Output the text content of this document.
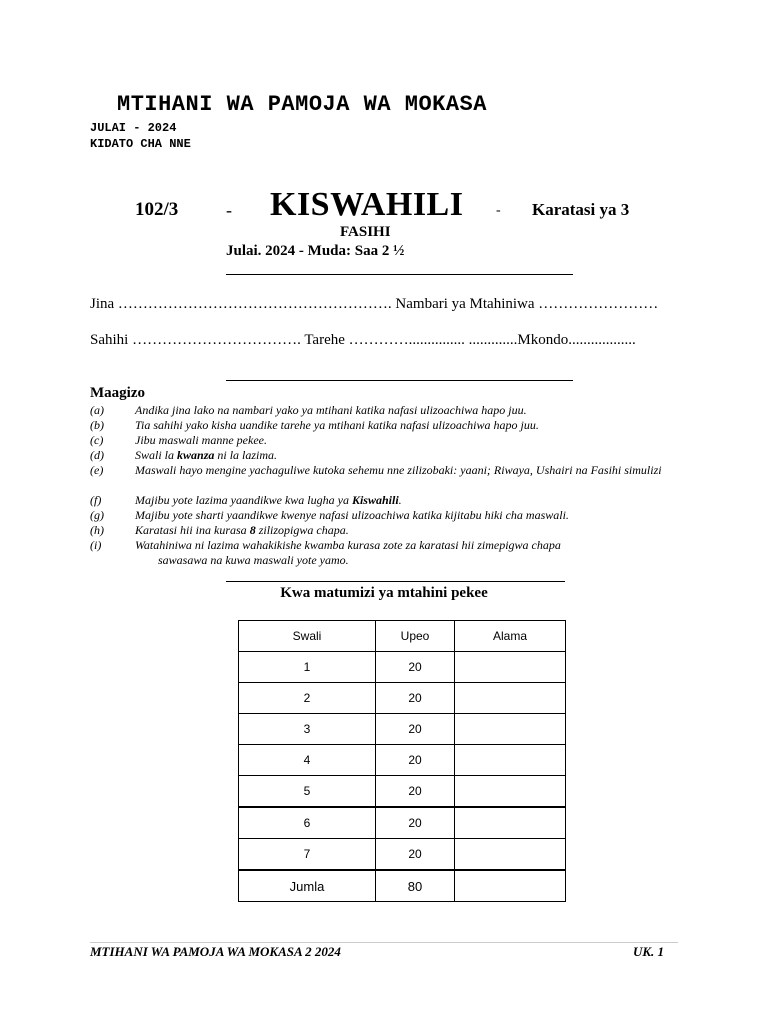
MTIHANI WA PAMOJA WA MOKASA
JULAI - 2024
KIDATO CHA NNE
102/3	- KISWAHILI - Karatasi ya 3
FASIHI
Julai. 2024 - Muda: Saa 2 ½
Jina ………………………………………………. Nambari ya Mtahiniwa ……………………
Sahihi ……………………………. Tarehe …………............... .............Mkondo..................
Maagizo
(a)	Andika jina lako na nambari yako ya mtihani katika nafasi ulizoachiwa hapo juu.
(b)	Tia sahihi yako kisha uandike tarehe ya mtihani katika nafasi ulizoachiwa hapo juu.
(c)	Jibu maswali manne pekee.
(d)	Swali la kwanza ni la lazima.
(e)	Maswali hayo mengine yachaguliwe kutoka sehemu nne zilizobaki: yaani; Riwaya, Ushairi na Fasihi simulizi
(f)	Majibu yote lazima yaandikwe kwa lugha ya Kiswahili.
(g)	Majibu yote sharti yaandikwe kwenye nafasi ulizoachiwa katika kijitabu hiki cha maswali.
(h)	Karatasi hii ina kurasa 8 zilizopigwa chapa.
(i)	Watahiniwa ni lazima wahakikishe kwamba kurasa zote za karatasi hii zimepigwa chapa
sawasawa na kuwa maswali yote yamo.
Kwa matumizi ya mtahini pekee
Swali	Upeo	Alama
1	20	
2	20	
3	20	
4	20	
5	20	
6	20	
7	20	
Jumla	80	
MTIHANI WA PAMOJA WA MOKASA 2 2024	UK. 1
